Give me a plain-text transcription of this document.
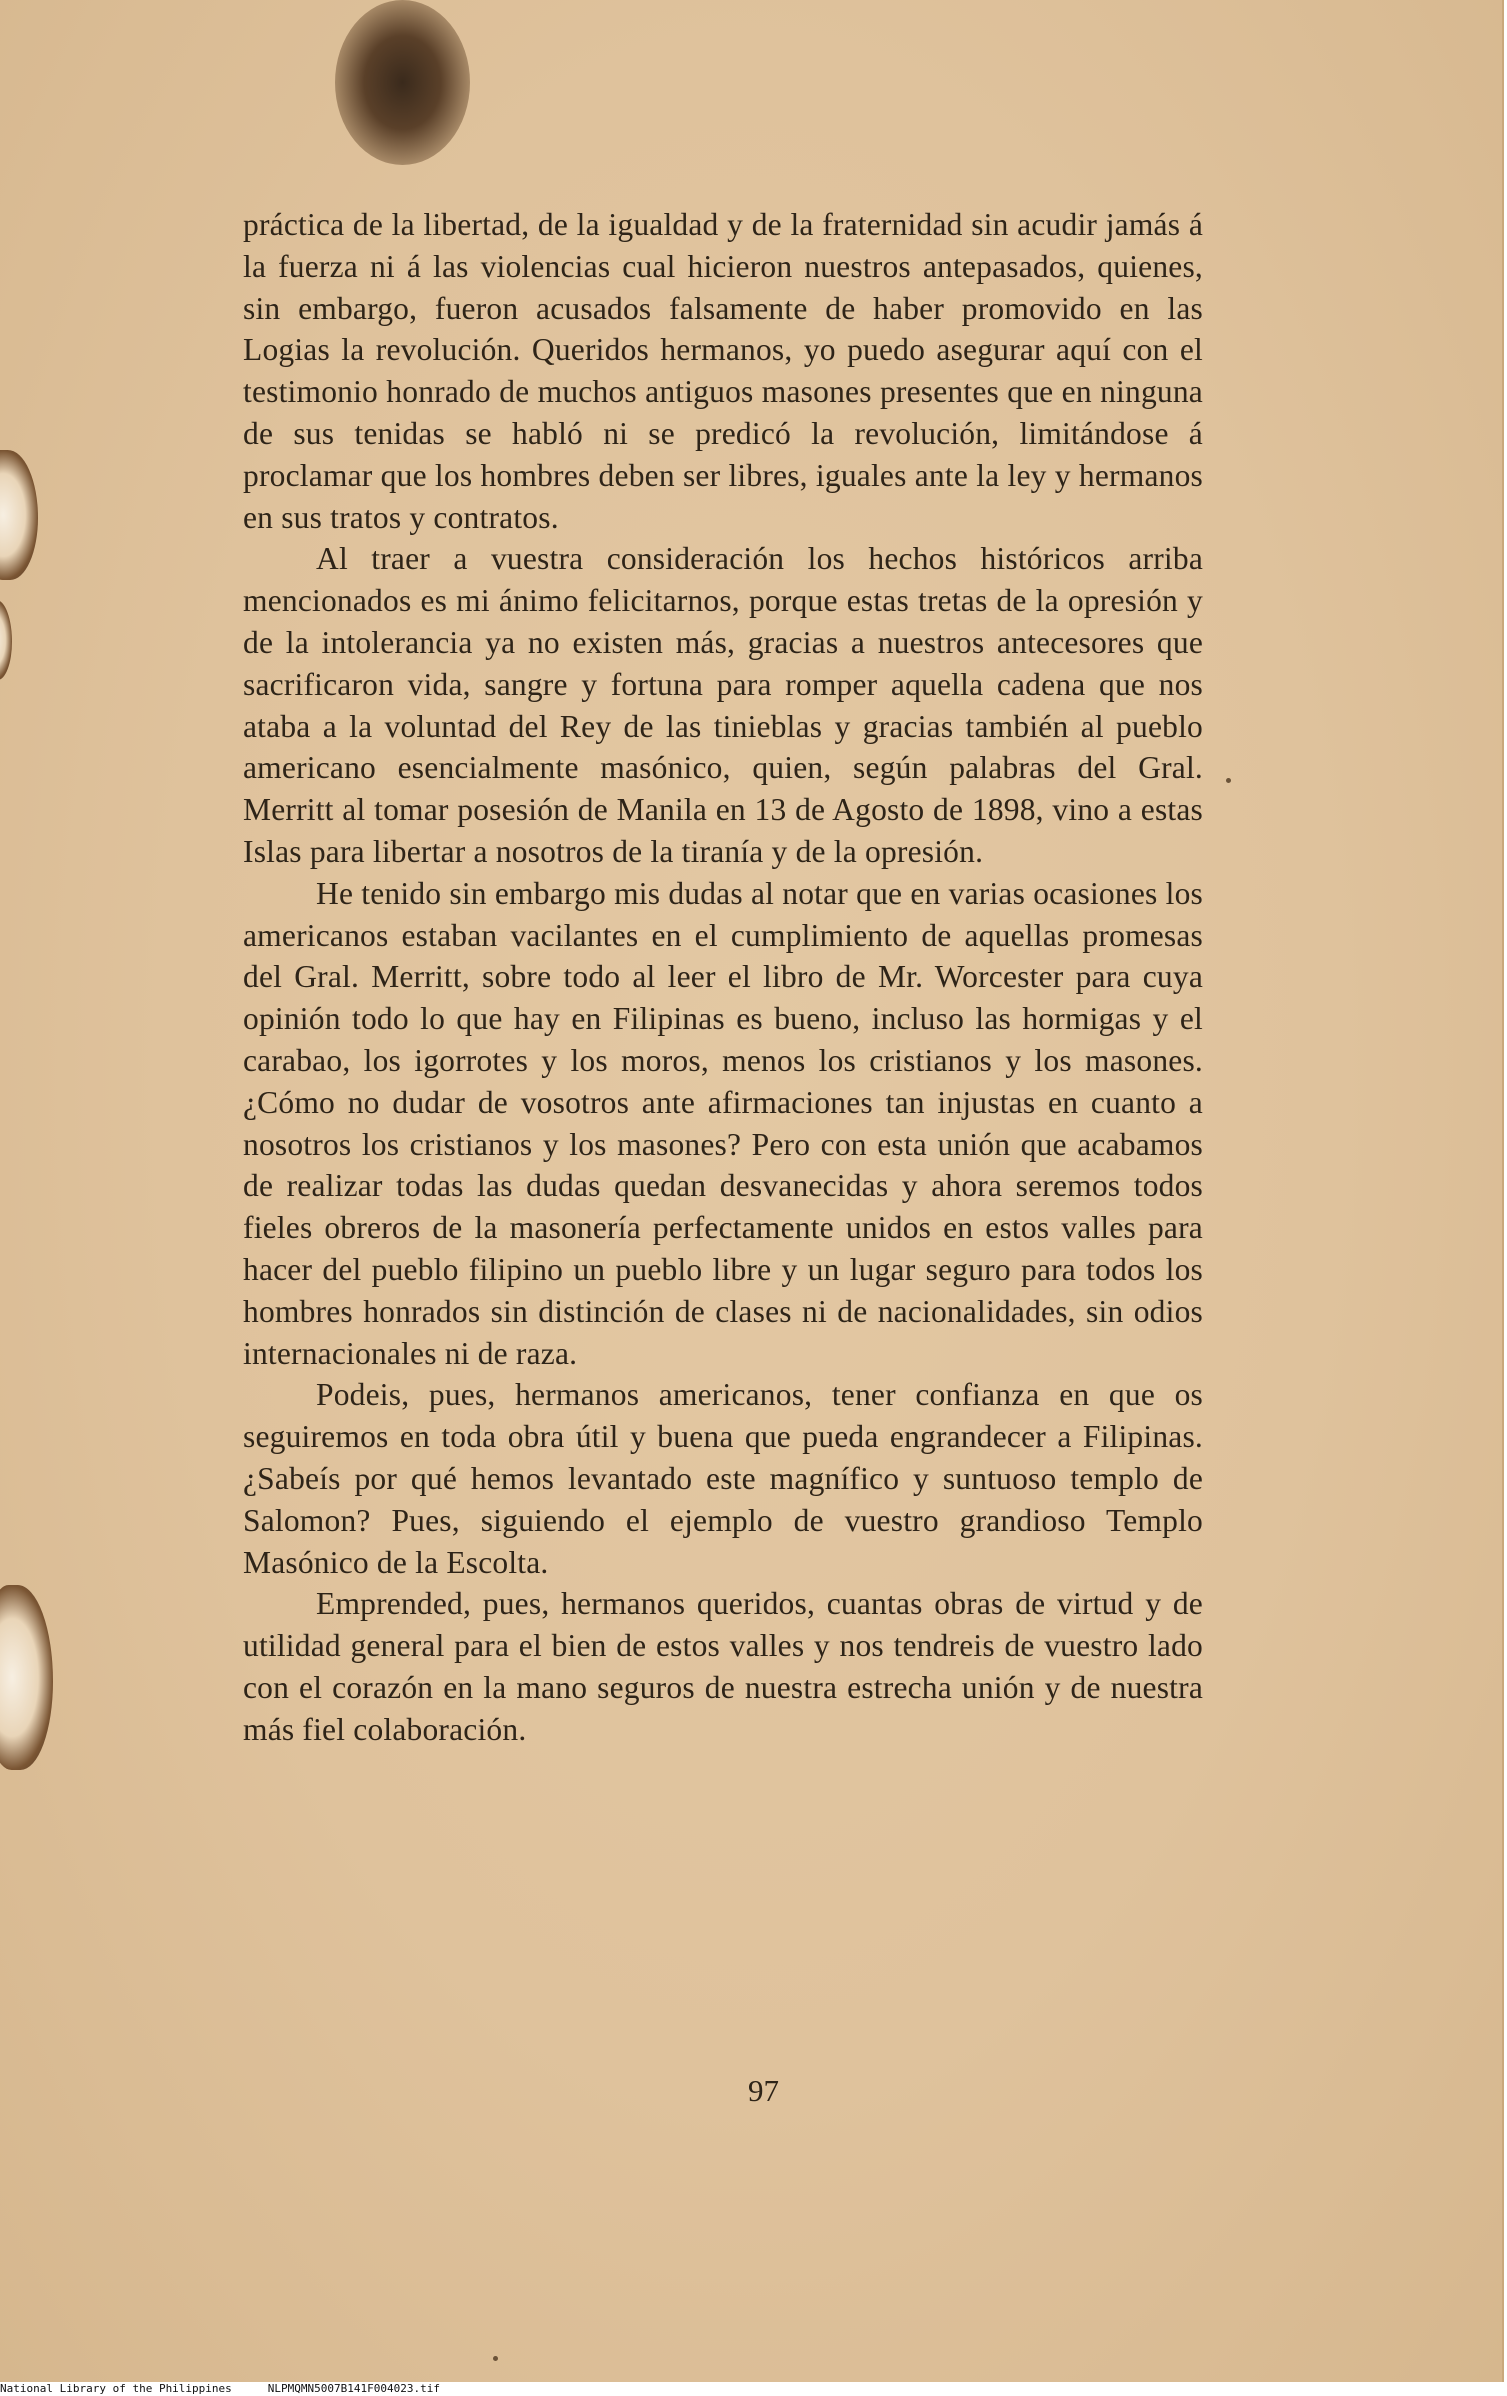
práctica de la libertad, de la igualdad y de la fraternidad sin acudir jamás á la fuerza ni á las violencias cual hicieron nuestros antepasados, quienes, sin embargo, fueron acusados falsamente de haber promovido en las Logias la revolución. Queridos hermanos, yo puedo asegurar aquí con el testimonio honrado de muchos antiguos masones presentes que en ninguna de sus tenidas se habló ni se predicó la revolución, limitándose á proclamar que los hombres deben ser libres, iguales ante la ley y hermanos en sus tratos y contratos.

Al traer a vuestra consideración los hechos históricos arriba mencionados es mi ánimo felicitarnos, porque estas tretas de la opresión y de la intolerancia ya no existen más, gracias a nuestros antecesores que sacrificaron vida, sangre y fortuna para romper aquella cadena que nos ataba a la voluntad del Rey de las tinieblas y gracias también al pueblo americano esencialmente masónico, quien, según palabras del Gral. Merritt al tomar posesión de Manila en 13 de Agosto de 1898, vino a estas Islas para libertar a nosotros de la tiranía y de la opresión.

He tenido sin embargo mis dudas al notar que en varias ocasiones los americanos estaban vacilantes en el cumplimiento de aquellas promesas del Gral. Merritt, sobre todo al leer el libro de Mr. Worcester para cuya opinión todo lo que hay en Filipinas es bueno, incluso las hormigas y el carabao, los igorrotes y los moros, menos los cristianos y los masones. ¿Cómo no dudar de vosotros ante afirmaciones tan injustas en cuanto a nosotros los cristianos y los masones? Pero con esta unión que acabamos de realizar todas las dudas quedan desvanecidas y ahora seremos todos fieles obreros de la masonería perfectamente unidos en estos valles para hacer del pueblo filipino un pueblo libre y un lugar seguro para todos los hombres honrados sin distinción de clases ni de nacionalidades, sin odios internacionales ni de raza.

Podeis, pues, hermanos americanos, tener confianza en que os seguiremos en toda obra útil y buena que pueda engrandecer a Filipinas. ¿Sabeís por qué hemos levantado este magnífico y suntuoso templo de Salomon? Pues, siguiendo el ejemplo de vuestro grandioso Templo Masónico de la Escolta.

Emprended, pues, hermanos queridos, cuantas obras de virtud y de utilidad general para el bien de estos valles y nos tendreis de vuestro lado con el corazón en la mano seguros de nuestra estrecha unión y de nuestra más fiel colaboración.

97
National Library of the Philippines	NLPMQMN5007B141F004023.tif
